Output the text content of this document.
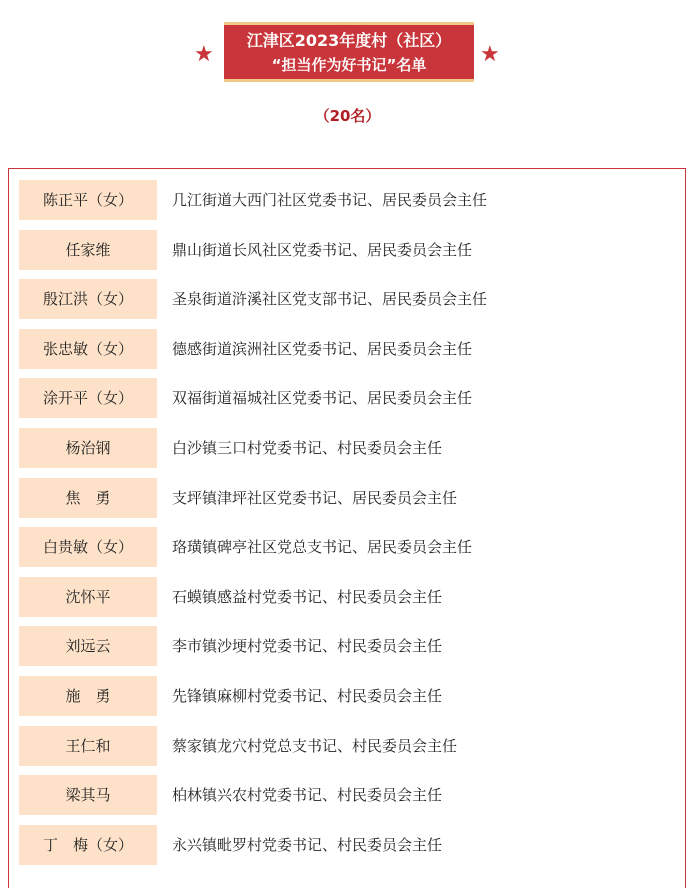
★
江津区2023年度村（社区）
“担当作为好书记”名单	★
（20名）
陈正平（女）	几江街道大西门社区党委书记、居民委员会主任
任家维	鼎山街道长风社区党委书记、居民委员会主任
殷江洪（女）	圣泉街道浒溪社区党支部书记、居民委员会主任
张忠敏（女）	德感街道滨洲社区党委书记、居民委员会主任
涂开平（女）	双福街道福城社区党委书记、居民委员会主任
杨治钢	白沙镇三口村党委书记、村民委员会主任
焦　勇	支坪镇津坪社区党委书记、居民委员会主任
白贵敏（女）	珞璜镇碑亭社区党总支书记、居民委员会主任
沈怀平	石蟆镇感益村党委书记、村民委员会主任
刘远云	李市镇沙埂村党委书记、村民委员会主任
施　勇	先锋镇麻柳村党委书记、村民委员会主任
王仁和	蔡家镇龙穴村党总支书记、村民委员会主任
梁其马	柏林镇兴农村党委书记、村民委员会主任
丁　梅（女）	永兴镇毗罗村党委书记、村民委员会主任
